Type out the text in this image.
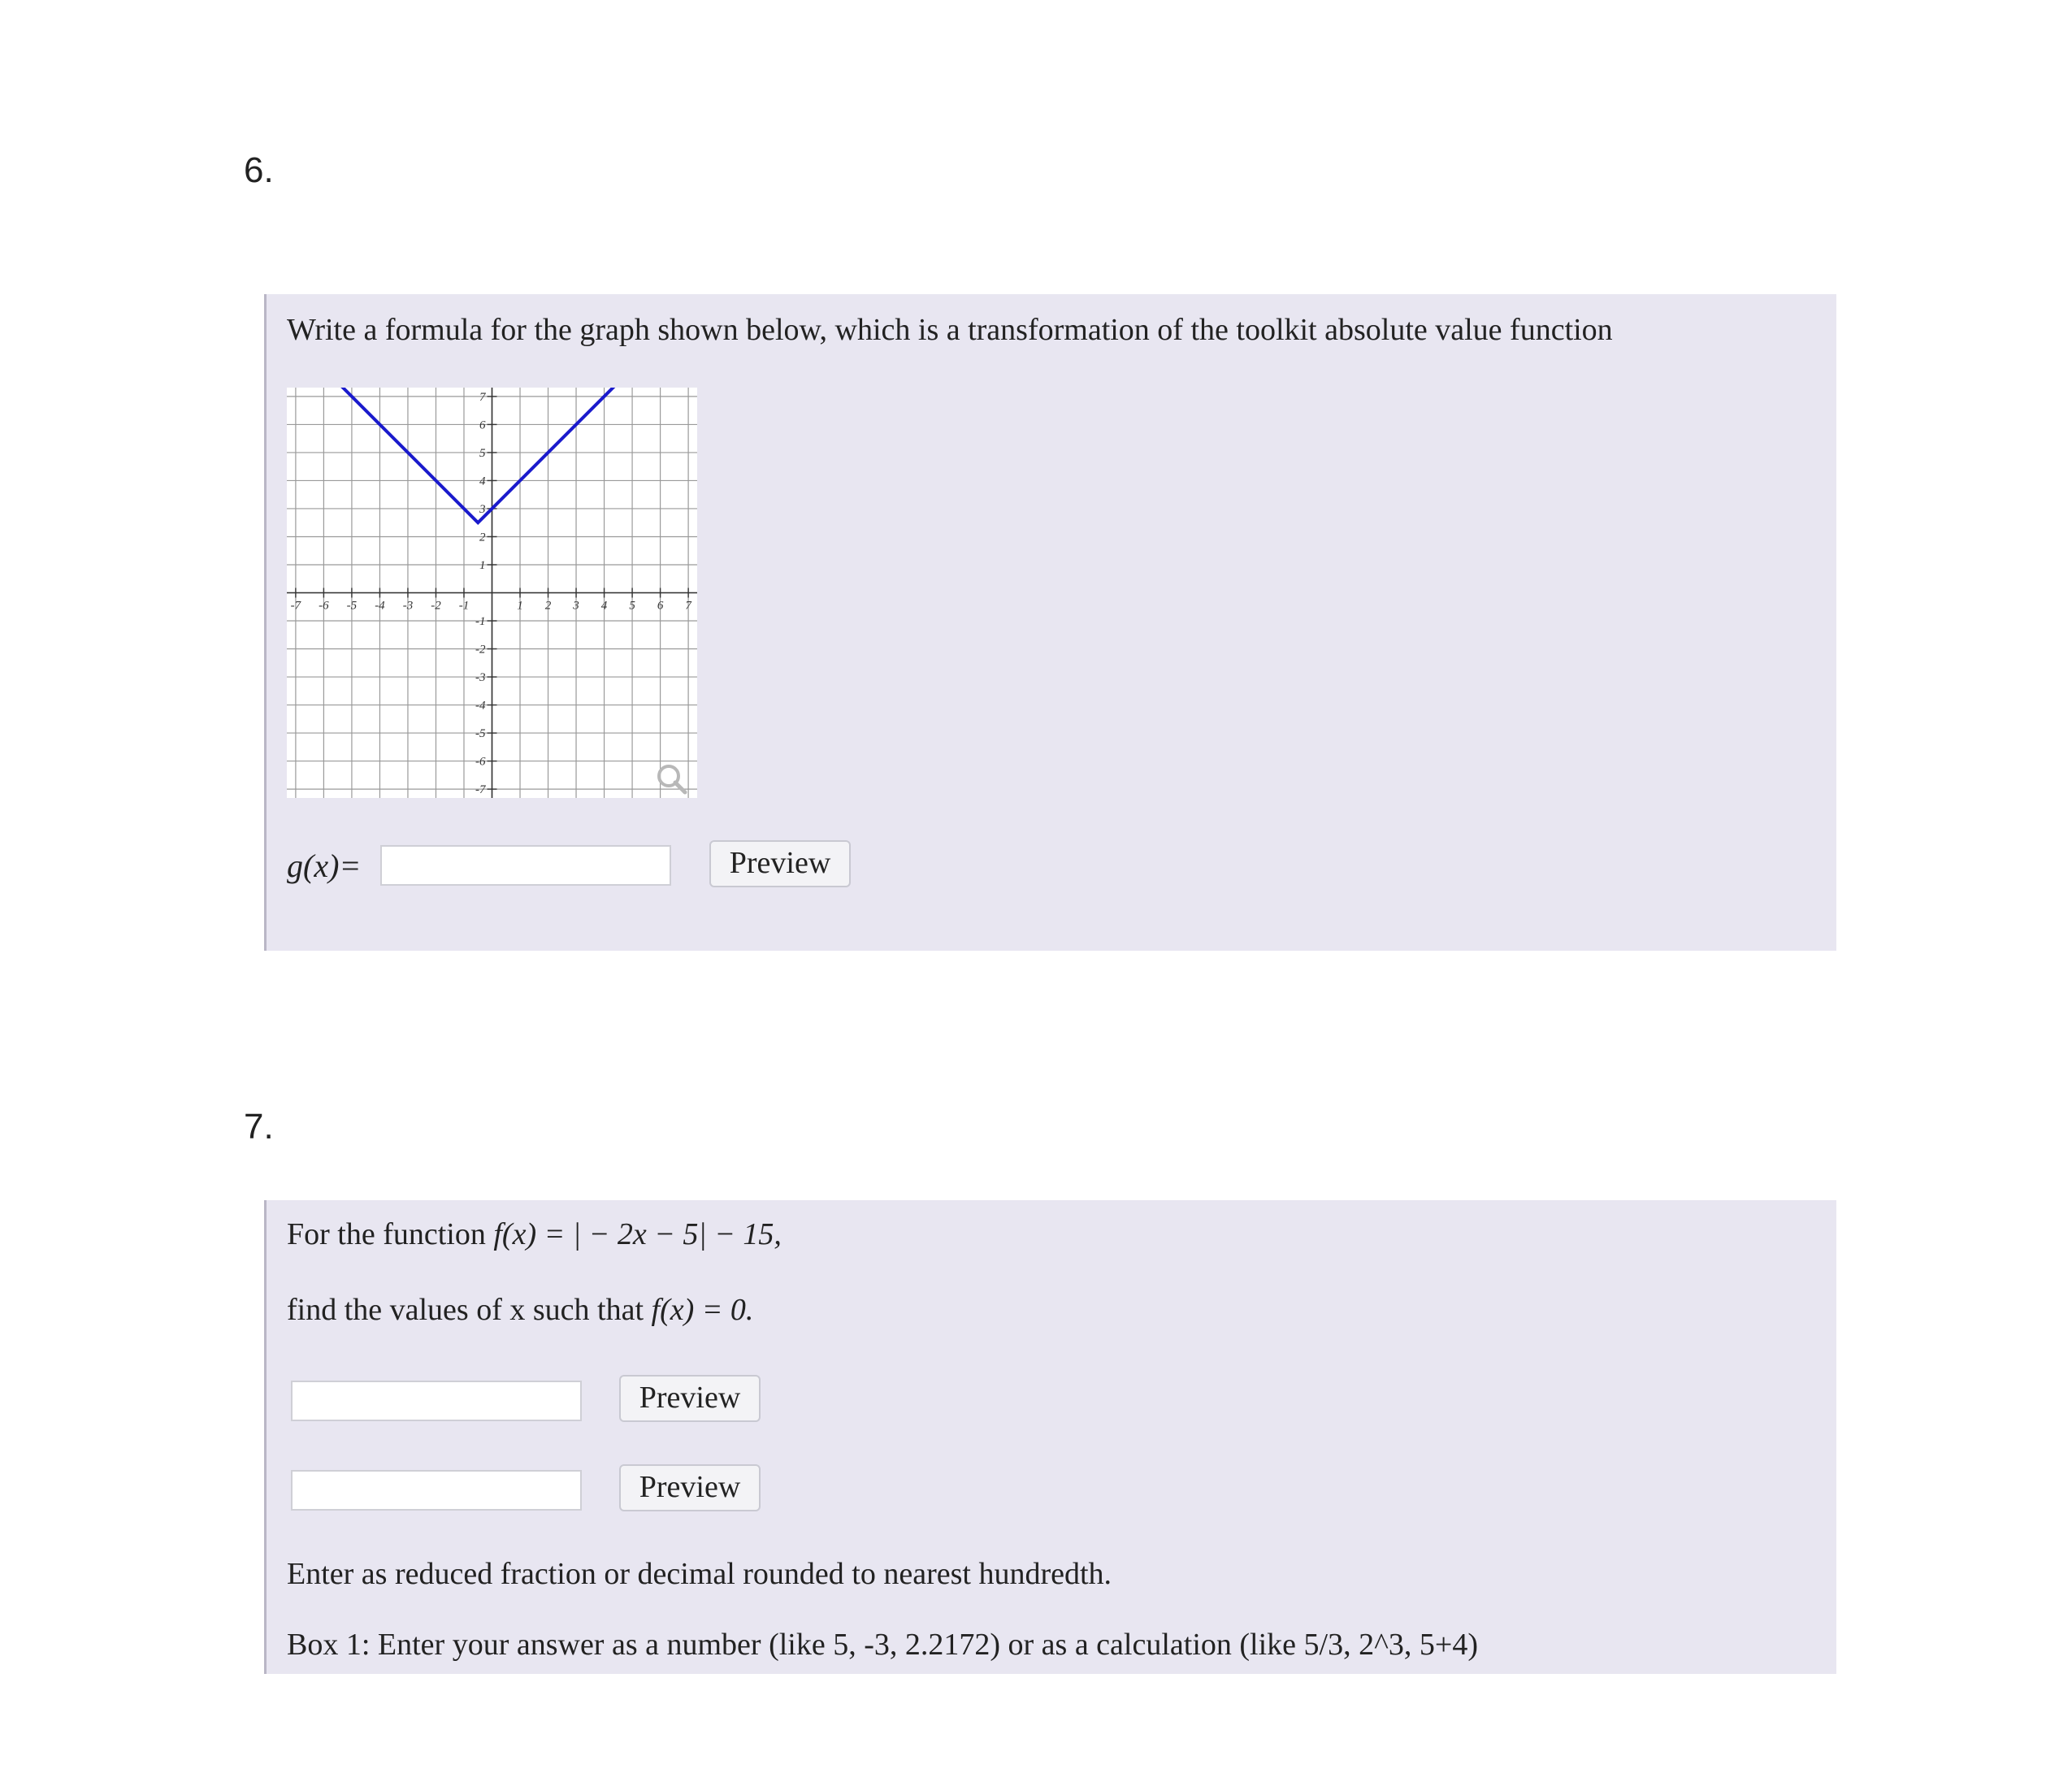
6.
Write a formula for the graph shown below, which is a transformation of the toolkit absolute value function
-7 -6 -5 -4 -3 -2 -1	1 2 3 4 5 6 7
7
6
5
4
3
2
1
-1
-2
-3
-4
-5
-6
-7
g(x)=	Preview
7.
For the function f(x) = | − 2x − 5| − 15,
find the values of x such that f(x) = 0.
Preview
Preview
Enter as reduced fraction or decimal rounded to nearest hundredth.
Box 1: Enter your answer as a number (like 5, -3, 2.2172) or as a calculation (like 5/3, 2^3, 5+4)
